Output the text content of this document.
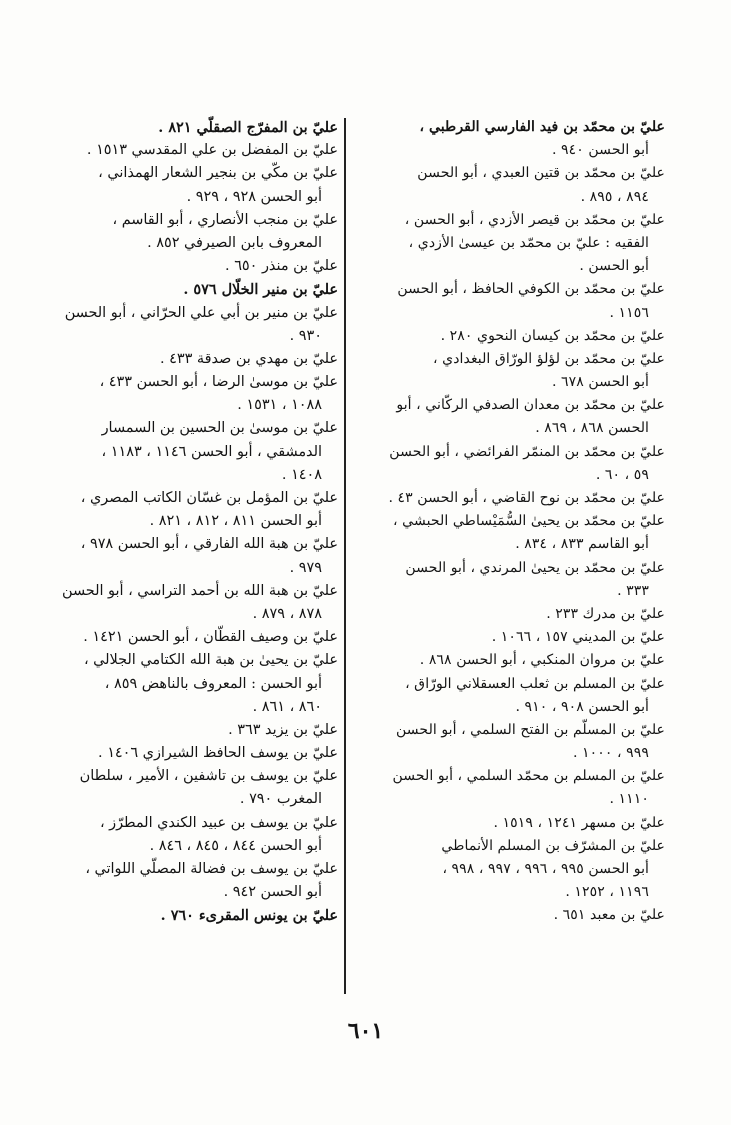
عليّ بن محمّد بن فيد الفارسي القرطبي ،
أبو الحسن ٩٤٠ .
عليّ بن محمّد بن قتين العبدي ، أبو الحسن
٨٩٤ ، ٨٩٥ .
عليّ بن محمّد بن قيصر الأزدي ، أبو الحسن ،
الفقيه : عليّ بن محمّد بن عيسىٰ الأزدي ،
أبو الحسن .
عليّ بن محمّد بن الكوفي الحافظ ، أبو الحسن
١١٥٦ .
عليّ بن محمّد بن كيسان النحوي ٢٨٠ .
عليّ بن محمّد بن لؤلؤ الورّاق البغدادي ،
أبو الحسن ٦٧٨ .
عليّ بن محمّد بن معدان الصدفي الركّاني ، أبو
الحسن ٨٦٨ ، ٨٦٩ .
عليّ بن محمّد بن المنمّر الفرائضي ، أبو الحسن
٥٩ ، ٦٠ .
عليّ بن محمّد بن نوح القاضي ، أبو الحسن ٤٣ .
عليّ بن محمّد بن يحيىٰ السُّمَيْساطي الحبشي ،
أبو القاسم ٨٣٣ ، ٨٣٤ .
عليّ بن محمّد بن يحيىٰ المرندي ، أبو الحسن
٣٣٣ .
عليّ بن مدرك ٢٣٣ .
عليّ بن المديني ١٥٧ ، ١٠٦٦ .
عليّ بن مروان المنكبي ، أبو الحسن ٨٦٨ .
عليّ بن المسلم بن ثعلب العسقلاني الورّاق ،
أبو الحسن ٩٠٨ ، ٩١٠ .
عليّ بن المسلّم بن الفتح السلمي ، أبو الحسن
٩٩٩ ، ١٠٠٠ .
عليّ بن المسلم بن محمّد السلمي ، أبو الحسن
١١١٠ .
عليّ بن مسهر ١٢٤١ ، ١٥١٩ .
عليّ بن المشرّف بن المسلم الأنماطي
أبو الحسن ٩٩٥ ، ٩٩٦ ، ٩٩٧ ، ٩٩٨ ،
١١٩٦ ، ١٢٥٢ .
عليّ بن معبد ٦٥١ .
عليّ بن المفرّج الصقلّي ٨٢١ .
عليّ بن المفضل بن علي المقدسي ١٥١٣ .
عليّ بن مكّي بن بنجير الشعار الهمذاني ،
أبو الحسن ٩٢٨ ، ٩٢٩ .
عليّ بن منجب الأنصاري ، أبو القاسم ،
المعروف بابن الصيرفي ٨٥٢ .
عليّ بن منذر ٦٥٠ .
عليّ بن منير الخلّال ٥٧٦ .
عليّ بن منير بن أبي علي الحرّاني ، أبو الحسن
٩٣٠ .
عليّ بن مهدي بن صدقة ٤٣٣ .
عليّ بن موسىٰ الرضا ، أبو الحسن ٤٣٣ ،
١٠٨٨ ، ١٥٣١ .
عليّ بن موسىٰ بن الحسين بن السمسار
الدمشقي ، أبو الحسن ١١٤٦ ، ١١٨٣ ،
١٤٠٨ .
عليّ بن المؤمل بن غسّان الكاتب المصري ،
أبو الحسن ٨١١ ، ٨١٢ ، ٨٢١ .
عليّ بن هبة الله الفارقي ، أبو الحسن ٩٧٨ ،
٩٧٩ .
عليّ بن هبة الله بن أحمد التراسي ، أبو الحسن
٨٧٨ ، ٨٧٩ .
عليّ بن وصيف القطّان ، أبو الحسن ١٤٢١ .
عليّ بن يحيىٰ بن هبة الله الكتامي الجلالي ،
أبو الحسن : المعروف بالناهض ٨٥٩ ،
٨٦٠ ، ٨٦١ .
عليّ بن يزيد ٣٦٣ .
عليّ بن يوسف الحافظ الشيرازي ١٤٠٦ .
عليّ بن يوسف بن تاشفين ، الأمير ، سلطان
المغرب ٧٩٠ .
عليّ بن يوسف بن عبيد الكندي المطرّز ،
أبو الحسن ٨٤٤ ، ٨٤٥ ، ٨٤٦ .
عليّ بن يوسف بن فضالة المصلّي اللواتي ،
أبو الحسن ٩٤٢ .
عليّ بن يونس المقرىء ٧٦٠ .
٦٠١
